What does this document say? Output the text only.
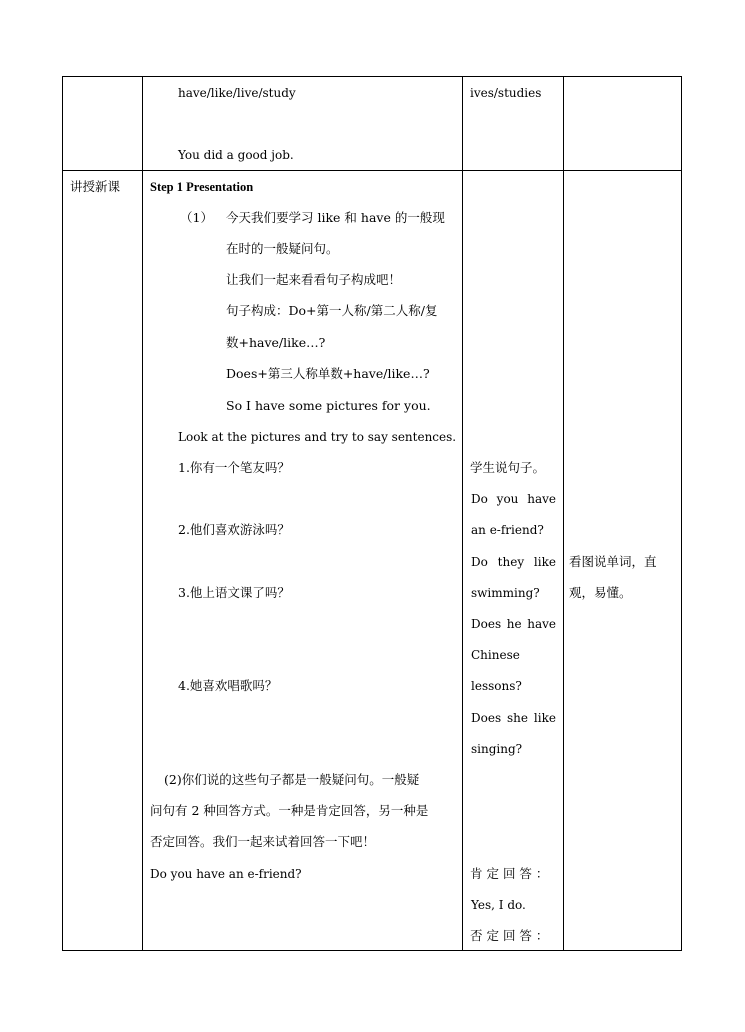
have/like/live/study
You did a good job.
ives/studies
讲授新课 Step 1 Presentation
（1） 今天我们要学习 like 和 have 的一般现
在时的一般疑问句。
让我们一起来看看句子构成吧！
句子构成：Do+第一人称/第二人称/复
数+have/like…?
Does+第三人称单数+have/like…?
So I have some pictures for you.
Look at the pictures and try to say sentences.
1.你有一个笔友吗？
2.他们喜欢游泳吗？
3.他上语文课了吗？
4.她喜欢唱歌吗？
(2)你们说的这些句子都是一般疑问句。一般疑
问句有 2 种回答方式。一种是肯定回答，另一种是
否定回答。我们一起来试着回答一下吧！
Do you have an e-friend?
学生说句子。
Do you have
an e-friend?
Do they like
swimming?
Does he have
Chinese
lessons?
Does she like
singing?
肯 定 回 答 ：
Yes, I do.
否 定 回 答 ：
看图说单词，直
观，易懂。
